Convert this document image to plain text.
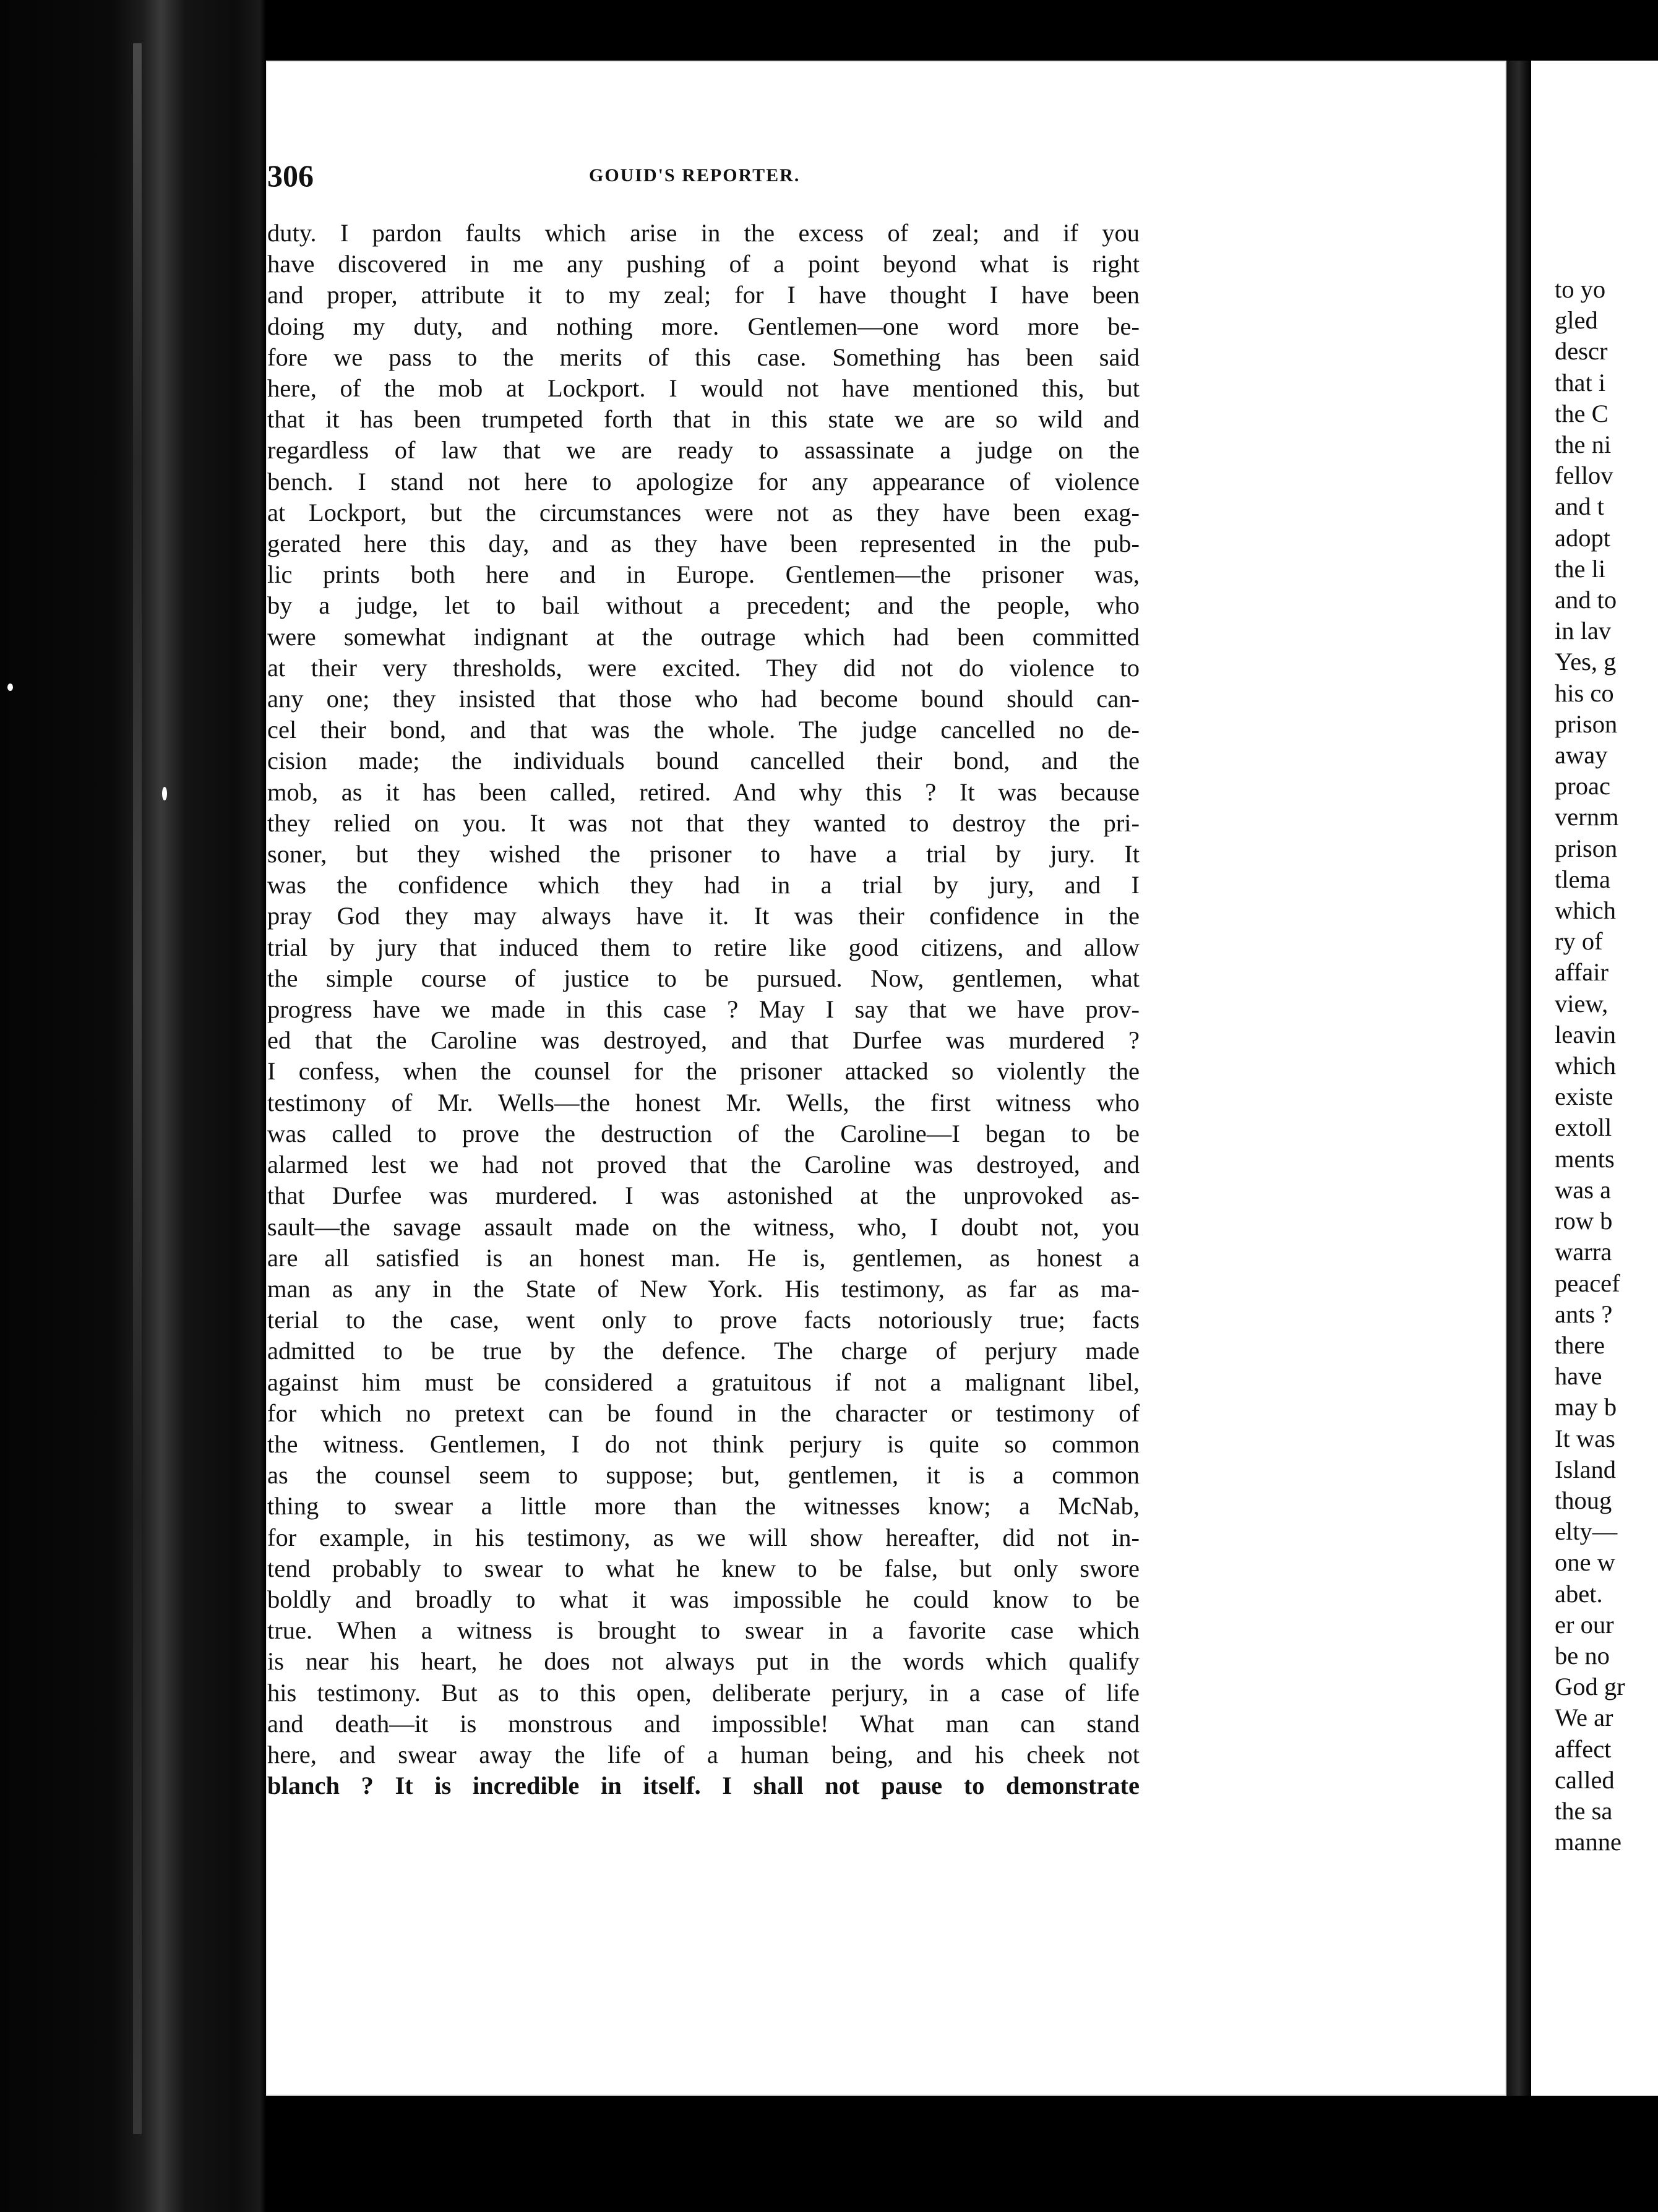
306	GOUID'S REPORTER.

duty. I pardon faults which arise in the excess of zeal; and if you
have discovered in me any pushing of a point beyond what is right
and proper, attribute it to my zeal; for I have thought I have been
doing my duty, and nothing more. Gentlemen—one word more be-
fore we pass to the merits of this case. Something has been said
here, of the mob at Lockport. I would not have mentioned this, but
that it has been trumpeted forth that in this state we are so wild and
regardless of law that we are ready to assassinate a judge on the
bench. I stand not here to apologize for any appearance of violence
at Lockport, but the circumstances were not as they have been exag-
gerated here this day, and as they have been represented in the pub-
lic prints both here and in Europe. Gentlemen—the prisoner was,
by a judge, let to bail without a precedent; and the people, who
were somewhat indignant at the outrage which had been committed
at their very thresholds, were excited. They did not do violence to
any one; they insisted that those who had become bound should can-
cel their bond, and that was the whole. The judge cancelled no de-
cision made; the individuals bound cancelled their bond, and the
mob, as it has been called, retired. And why this ? It was because
they relied on you. It was not that they wanted to destroy the pri-
soner, but they wished the prisoner to have a trial by jury. It
was the confidence which they had in a trial by jury, and I
pray God they may always have it. It was their confidence in the
trial by jury that induced them to retire like good citizens, and allow
the simple course of justice to be pursued. Now, gentlemen, what
progress have we made in this case ? May I say that we have prov-
ed that the Caroline was destroyed, and that Durfee was murdered ?
I confess, when the counsel for the prisoner attacked so violently the
testimony of Mr. Wells—the honest Mr. Wells, the first witness who
was called to prove the destruction of the Caroline—I began to be
alarmed lest we had not proved that the Caroline was destroyed, and
that Durfee was murdered. I was astonished at the unprovoked as-
sault—the savage assault made on the witness, who, I doubt not, you
are all satisfied is an honest man. He is, gentlemen, as honest a
man as any in the State of New York. His testimony, as far as ma-
terial to the case, went only to prove facts notoriously true; facts
admitted to be true by the defence. The charge of perjury made
against him must be considered a gratuitous if not a malignant libel,
for which no pretext can be found in the character or testimony of
the witness. Gentlemen, I do not think perjury is quite so common
as the counsel seem to suppose; but, gentlemen, it is a common
thing to swear a little more than the witnesses know; a McNab,
for example, in his testimony, as we will show hereafter, did not in-
tend probably to swear to what he knew to be false, but only swore
boldly and broadly to what it was impossible he could know to be
true. When a witness is brought to swear in a favorite case which
is near his heart, he does not always put in the words which qualify
his testimony. But as to this open, deliberate perjury, in a case of life
and death—it is monstrous and impossible! What man can stand
here, and swear away the life of a human being, and his cheek not
blanch ? It is incredible in itself. I shall not pause to demonstrate

to yo
gled
descr
that i
the C
the ni
fellov
and t
adopt
the li
and to
in lav
Yes, g
his co
prison
away
proac
vernm
prison
tlema
which
ry of
affair
view,
leavin
which
existe
extoll
ments
was a
row b
warra
peacef
ants ?
there
have
may b
It was
Island
thoug
elty—
one w
abet.
er our
be no
God gr
We ar
affect
called
the sa
manne
